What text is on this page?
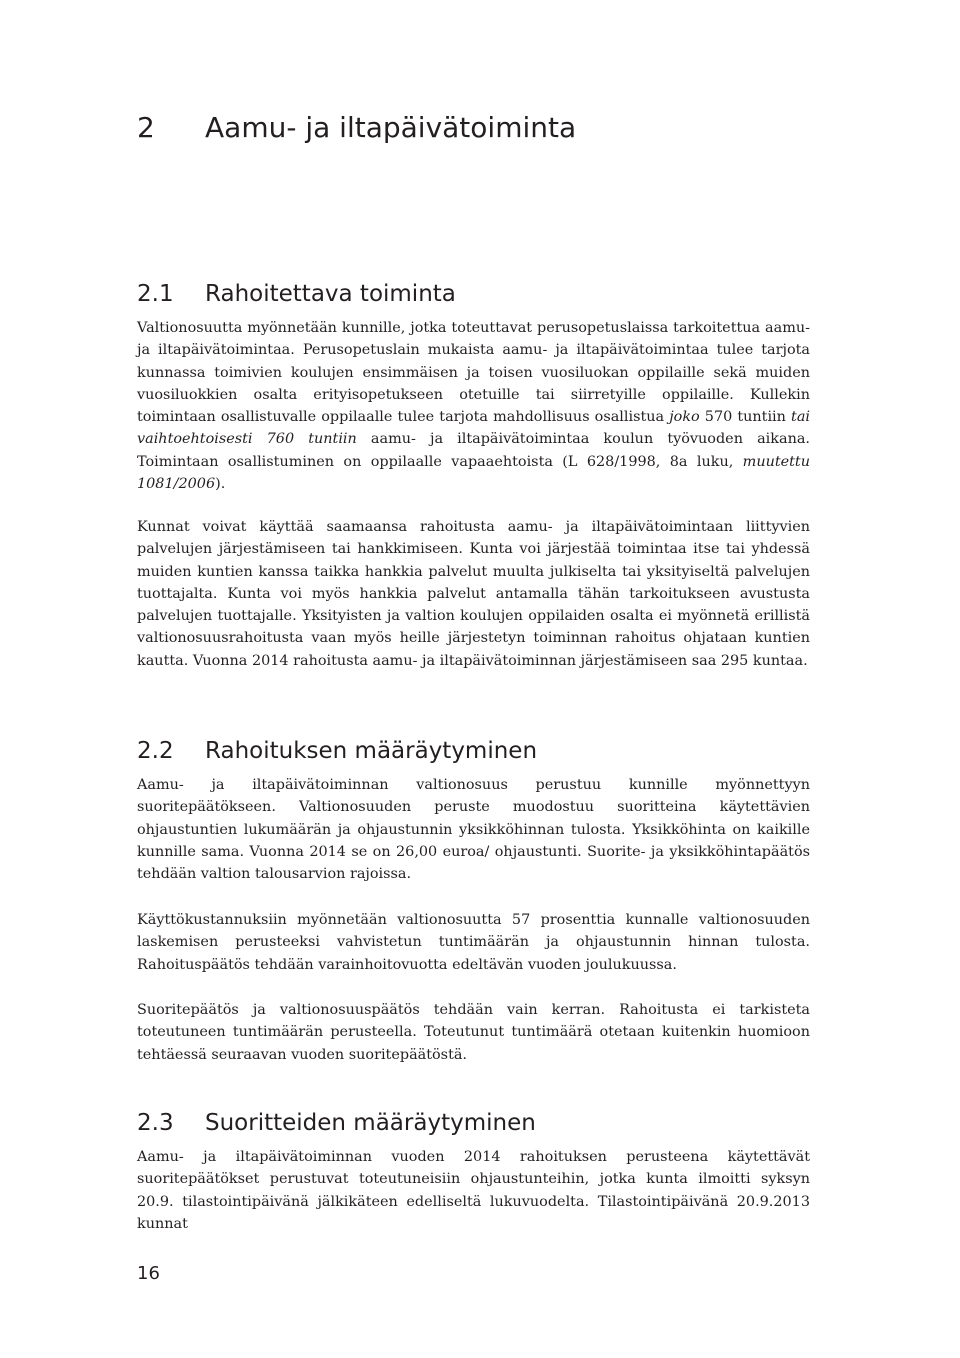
2	Aamu- ja iltapäivätoiminta
2.1	Rahoitettava toiminta

Valtionosuutta myönnetään kunnille, jotka toteuttavat perusopetuslaissa tarkoitettua aamu- ja iltapäivätoimintaa. Perusopetuslain mukaista aamu- ja iltapäivätoimintaa tulee tarjota kunnassa toimivien koulujen ensimmäisen ja toisen vuosiluokan oppilaille sekä muiden vuosiluokkien osalta erityisopetukseen otetuille tai siirretyille oppilaille. Kullekin toimintaan osallistuvalle oppilaalle tulee tarjota mahdollisuus osallistua joko 570 tuntiin tai vaihtoehtoisesti 760 tuntiin aamu- ja iltapäivätoimintaa koulun työvuoden aikana. Toimintaan osallistuminen on oppilaalle vapaaehtoista (L 628/1998, 8a luku, muutettu 1081/2006).

Kunnat voivat käyttää saamaansa rahoitusta aamu- ja iltapäivätoimintaan liittyvien palvelujen järjestämiseen tai hankkimiseen. Kunta voi järjestää toimintaa itse tai yhdessä muiden kuntien kanssa taikka hankkia palvelut muulta julkiselta tai yksityiseltä palvelujen tuottajalta. Kunta voi myös hankkia palvelut antamalla tähän tarkoitukseen avustusta palvelujen tuottajalle. Yksityisten ja valtion koulujen oppilaiden osalta ei myönnetä erillistä valtionosuusrahoitusta vaan myös heille järjestetyn toiminnan rahoitus ohjataan kuntien kautta. Vuonna 2014 rahoitusta aamu- ja iltapäivätoiminnan järjestämiseen saa 295 kuntaa.

2.2	Rahoituksen määräytyminen

Aamu- ja iltapäivätoiminnan valtionosuus perustuu kunnille myönnettyyn suoritepäätökseen. Valtionosuuden peruste muodostuu suoritteina käytettävien ohjaustuntien lukumäärän ja ohjaustunnin yksikköhinnan tulosta. Yksikköhinta on kaikille kunnille sama. Vuonna 2014 se on 26,00 euroa/ ohjaustunti. Suorite- ja yksikköhintapäätös tehdään valtion talousarvion rajoissa.

Käyttökustannuksiin myönnetään valtionosuutta 57 prosenttia kunnalle valtionosuuden laskemisen perusteeksi vahvistetun tuntimäärän ja ohjaustunnin hinnan tulosta. Rahoituspäätös tehdään varainhoitovuotta edeltävän vuoden joulukuussa.

Suoritepäätös ja valtionosuuspäätös tehdään vain kerran. Rahoitusta ei tarkisteta toteutuneen tuntimäärän perusteella. Toteutunut tuntimäärä otetaan kuitenkin huomioon tehtäessä seuraavan vuoden suoritepäätöstä.

2.3	Suoritteiden määräytyminen

Aamu- ja iltapäivätoiminnan vuoden 2014 rahoituksen perusteena käytettävät suoritepäätökset perustuvat toteutuneisiin ohjaustunteihin, jotka kunta ilmoitti syksyn 20.9. tilastointipäivänä jälkikäteen edelliseltä lukuvuodelta. Tilastointipäivänä 20.9.2013 kunnat

16
